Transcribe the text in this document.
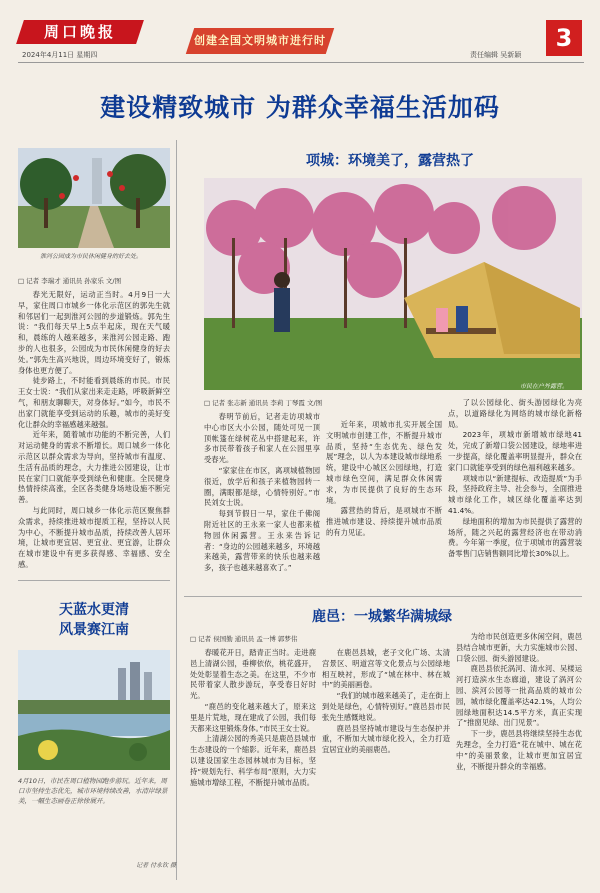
周口晚报
2024年4月11日 星期四
创建全国文明城市进行时
责任编辑 吴新颖
3
建设精致城市 为群众幸福生活加码
淮河公园成为市民休闲健身的好去处。
□ 记者 李瑞才 通讯员 孙家乐 文/图

春光无限好，运动正当时。4月9日一大早，家住周口市城乡一体化示范区的郭先生就和邻居们一起到淮河公园的步道锻炼。郭先生说：“我们每天早上5点半起床，现在天气暖和，晨练的人越来越多，来淮河公园走路、跑步的人也很多，公园成为市民休闲健身的好去处。”郭先生高兴地说，周边环境变好了，锻炼身体也更方便了。

徒步路上，不时能看到晨练的市民。市民王女士说：“我们从家出来走走路，呼吸新鲜空气，和朋友聊聊天，对身体好。”如今，市民不出家门就能享受到运动的乐趣，城市的美好变化让群众的幸福感越来越强。

近年来，随着城市功能的不断完善，人们对运动健身的需求不断增长。周口城乡一体化示范区以群众需求为导向，坚持城市有温度、生活有品质的理念，大力推进公园建设，让市民在家门口就能享受到绿色和健康。全民健身热情持续高涨，全区各类健身场地设施不断完善。

与此同时，周口城乡一体化示范区聚焦群众需求，持续推进城市提质工程，坚持以人民为中心，不断提升城市品质，持续改善人居环境，让城市更宜居、更宜业、更宜游，让群众在城市建设中有更多获得感、幸福感、安全感。

天蓝水更清
风景赛江南
4月10日，市民在周口植物园跑步游玩。近年来，周口市坚持生态优先，城市环境持续改善，水清岸绿景美，一幅生态画卷正徐徐展开。
记者 付永钦 摄
项城：环境美了，露营热了
市民在户外露营。
□ 记者 张志新 通讯员 李莉 丁琴霞 文/图

春明节前后，记者走访项城市中心市区大小公园，随处可见一顶顶帐篷在绿树花丛中搭建起来，许多市民带着孩子和家人在公园里享受春光。

“家家住在市区，离项城植物园很近，放学后和孩子来植物园转一圈，满眼都是绿，心情特别好。”市民刘女士说。

每到节假日一早，家住千佛阁附近社区的王永来一家人也都来植物园休闲露营。王永来告诉记者：“身边的公园越来越多，环境越来越美，露营带来的快乐也越来越多，孩子也越来越喜欢了。”

近年来，项城市扎实开展全国文明城市创建工作，不断提升城市品质，坚持“生态优先、绿色发展”理念，以人为本建设城市绿地系统，建设中心城区公园绿地，打造城市绿色空间，满足群众休闲需求，为市民提供了良好的生态环境。

露营热的背后，是项城市不断推进城市建设、持续提升城市品质的有力见证。

了以公园绿化、街头游园绿化为亮点，以道路绿化为网络的城市绿化新格局。

2023年，项城市新增城市绿地41处，完成了新增口袋公园建设，绿地率进一步提高，绿化覆盖率明显提升，群众在家门口就能享受到的绿色福利越来越多。

项城市以“新建提标、改造提质”为手段，坚持政府主导、社会参与，全面推进城市绿化工作，城区绿化覆盖率达到41.4%。

绿地面积的增加为市民提供了露营的场所，随之兴起的露营经济也在带动消费。今年第一季度，位于项城市的露营装备零售门店销售额同比增长30%以上。

鹿邑：一城繁华满城绿
□ 记者 侯国勤 通讯员 孟一博 郭梦伟

春暖花开日，踏青正当时。走进鹿邑上清湖公园，垂柳依依，桃花盛开，处处彰显着生态之美。在这里，不少市民带着家人散步游玩，享受春日好时光。

“鹿邑的变化越来越大了，原来这里是片荒地，现在建成了公园，我们每天都来这里锻炼身体。”市民王女士说。

上清湖公园的秀美只是鹿邑县城市生态建设的一个缩影。近年来，鹿邑县以建设国家生态园林城市为目标，坚持“规划先行、科学布局”原则，大力实施城市增绿工程，不断提升城市品质。

在鹿邑县城，老子文化广场、太清宫景区、明道宫等文化景点与公园绿地相互映衬，形成了“城在林中、林在城中”的美丽画卷。

“我们的城市越来越美了，走在街上到处是绿色，心情特别好。”鹿邑县市民张先生感慨地说。

鹿邑县坚持城市建设与生态保护并重，不断加大城市绿化投入，全力打造宜居宜业的美丽鹿邑。

为给市民创造更多休闲空间，鹿邑县结合城市更新，大力实施城市公园、口袋公园、街头游园建设。

鹿邑县依托涡河、清水河、吴楼运河打造滨水生态廊道，建设了涡河公园、滨河公园等一批高品质的城市公园，城市绿化覆盖率达42.1%，人均公园绿地面积达14.5平方米，真正实现了“推窗见绿、出门见景”。

下一步，鹿邑县将继续坚持生态优先理念，全力打造“花在城中、城在花中”的美丽景象，让城市更加宜居宜业，不断提升群众的幸福感。
